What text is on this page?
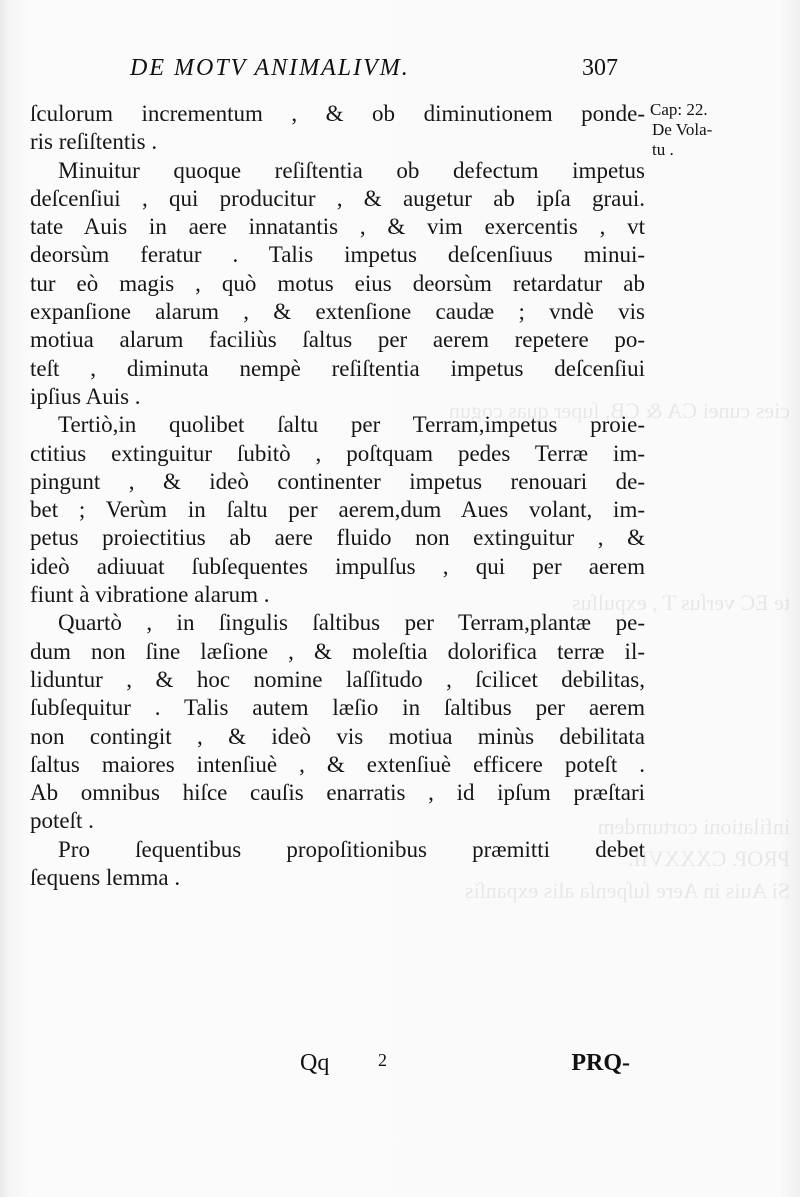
cies cunei CA & CB, ſuper quas cogun

te EC verſus T , expulſus

infilationi cortumdem
PROP. CXXXVII.
Si Auis in Aere ſuſpenſa alis expanſis
DE MOTV ANIMALIVM.	307
Cap: 22.
De Vola-
tu .
ſculorum incrementum , & ob diminutionem ponde-
ris reſiſtentis .
Minuitur quoque reſiſtentia ob defectum impetus
deſcenſiui , qui producitur , & augetur ab ipſa graui.
tate Auis in aere innatantis , & vim exercentis , vt
deorsùm feratur . Talis impetus deſcenſiuus minui-
tur eò magis , quò motus eius deorsùm retardatur ab
expanſione alarum , & extenſione caudæ ; vndè vis
motiua alarum faciliùs ſaltus per aerem repetere po-
teſt , diminuta nempè reſiſtentia impetus deſcenſiui
ipſius Auis .
Tertiò,in quolibet ſaltu per Terram,impetus proie-
ctitius extinguitur ſubitò , poſtquam pedes Terræ im-
pingunt , & ideò continenter impetus renouari de-
bet ; Verùm in ſaltu per aerem,dum Aues volant, im-
petus proiectitius ab aere fluido non extinguitur , &
ideò adiuuat ſubſequentes impulſus , qui per aerem
fiunt à vibratione alarum .
Quartò , in ſingulis ſaltibus per Terram,plantæ pe-
dum non ſine læſione , & moleſtia dolorifica terræ il-
liduntur , & hoc nomine laſſitudo , ſcilicet debilitas,
ſubſequitur . Talis autem læſio in ſaltibus per aerem
non contingit , & ideò vis motiua minùs debilitata
ſaltus maiores intenſiuè , & extenſiuè efficere poteſt .
Ab omnibus hiſce cauſis enarratis , id ipſum præſtari
poteſt .
Pro ſequentibus propoſitionibus præmitti debet
ſequens lemma .
Qq	2	PRQ-
